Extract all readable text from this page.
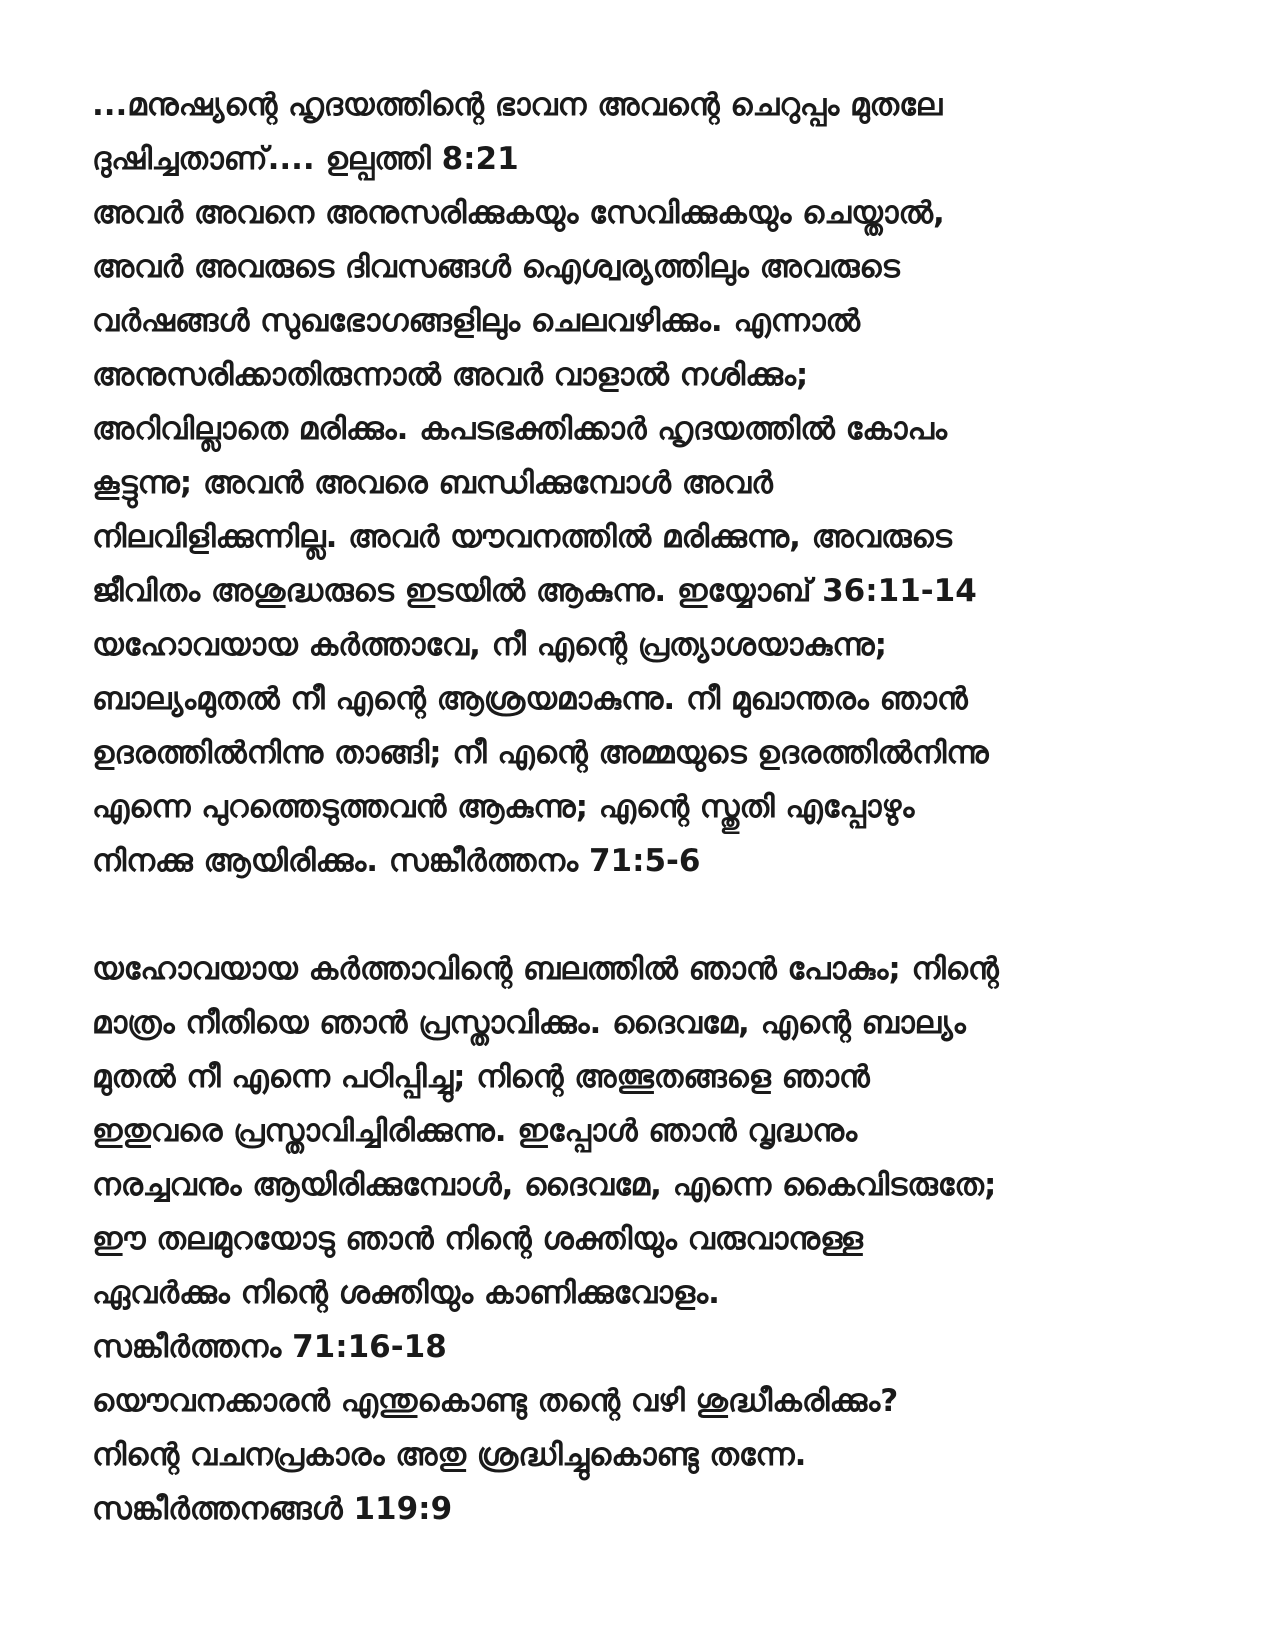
...മനുഷ്യന്റെ ഹൃദയത്തിന്റെ ഭാവന അവന്റെ ചെറുപ്പം മുതലേ
ദുഷിച്ചതാണ്.... ഉല്പത്തി 8:21
അവർ അവനെ അനുസരിക്കുകയും സേവിക്കുകയും ചെയ്താൽ,
അവർ അവരുടെ ദിവസങ്ങൾ ഐശ്വര്യത്തിലും അവരുടെ
വർഷങ്ങൾ സുഖഭോഗങ്ങളിലും ചെലവഴിക്കും. എന്നാൽ
അനുസരിക്കാതിരുന്നാൽ അവർ വാളാൽ നശിക്കും;
അറിവില്ലാതെ മരിക്കും. കപടഭക്തിക്കാർ ഹൃദയത്തിൽ കോപം
കൂട്ടുന്നു; അവൻ അവരെ ബന്ധിക്കുമ്പോൾ അവർ
നിലവിളിക്കുന്നില്ല. അവർ യൗവനത്തിൽ മരിക്കുന്നു, അവരുടെ
ജീവിതം അശുദ്ധരുടെ ഇടയിൽ ആകുന്നു. ഇയ്യോബ് 36:11-14
യഹോവയായ കർത്താവേ, നീ എന്റെ പ്രത്യാശയാകുന്നു;
ബാല്യംമുതൽ നീ എന്റെ ആശ്രയമാകുന്നു. നീ മുഖാന്തരം ഞാൻ
ഉദരത്തിൽനിന്നു താങ്ങി; നീ എന്റെ അമ്മയുടെ ഉദരത്തിൽനിന്നു
എന്നെ പുറത്തെടുത്തവൻ ആകുന്നു; എന്റെ സ്തുതി എപ്പോഴും
നിനക്കു ആയിരിക്കും. സങ്കീർത്തനം 71:5-6
യഹോവയായ കർത്താവിന്റെ ബലത്തിൽ ഞാൻ പോകും; നിന്റെ
മാത്രം നീതിയെ ഞാൻ പ്രസ്താവിക്കും. ദൈവമേ, എന്റെ ബാല്യം
മുതൽ നീ എന്നെ പഠിപ്പിച്ചു; നിന്റെ അത്ഭുതങ്ങളെ ഞാൻ
ഇതുവരെ പ്രസ്താവിച്ചിരിക്കുന്നു. ഇപ്പോൾ ഞാൻ വൃദ്ധനും
നരച്ചവനും ആയിരിക്കുമ്പോൾ, ദൈവമേ, എന്നെ കൈവിടരുതേ;
ഈ തലമുറയോടു ഞാൻ നിന്റെ ശക്തിയും വരുവാനുള്ള
ഏവർക്കും നിന്റെ ശക്തിയും കാണിക്കുവോളം.
സങ്കീർത്തനം 71:16-18
യൌവനക്കാരൻ എന്തുകൊണ്ടു തന്റെ വഴി ശുദ്ധീകരിക്കും?
നിന്റെ വചനപ്രകാരം അതു ശ്രദ്ധിച്ചുകൊണ്ടു തന്നേ.
സങ്കീർത്തനങ്ങൾ 119:9
